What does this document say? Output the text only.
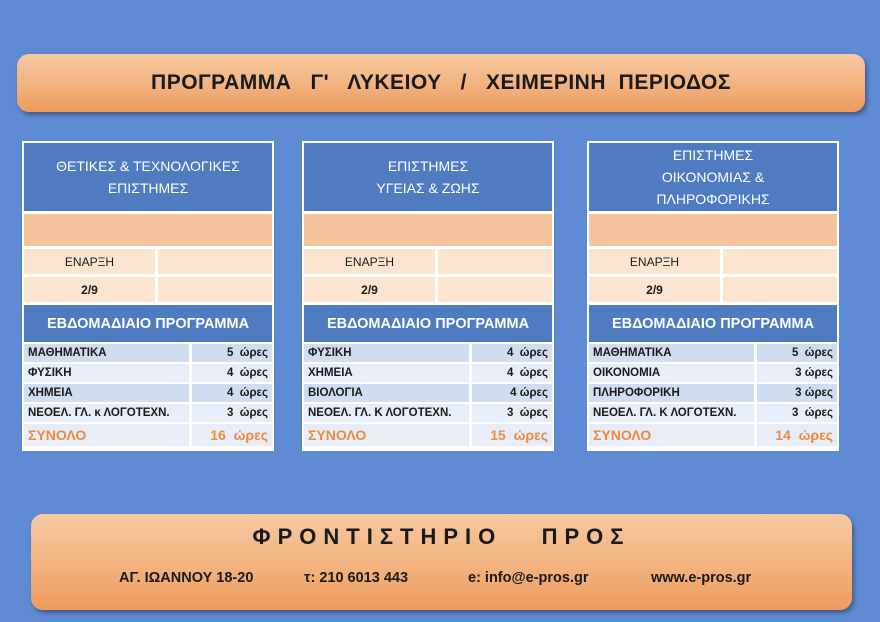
ΠΡΟΓΡΑΜΜΑ   Γ'   ΛΥΚΕΙΟΥ   /   ΧΕΙΜΕΡΙΝΗ  ΠΕΡΙΟΔΟΣ
ΘΕΤΙΚΕΣ & ΤΕΧΝΟΛΟΓΙΚΕΣ
ΕΠΙΣΤΗΜΕΣ
ΕΝΑΡΞΗ
2/9
ΕΒΔΟΜΑΔΙΑΙΟ ΠΡΟΓΡΑΜΜΑ
ΜΑΘΗΜΑΤΙΚΑ	5  ώρες
ΦΥΣΙΚΗ	4  ώρες
ΧΗΜΕΙΑ	4  ώρες
ΝΕΟΕΛ. ΓΛ. κ ΛΟΓΟΤΕΧΝ.	3  ώρες
ΣΥΝΟΛΟ	16  ώρες
ΕΠΙΣΤΗΜΕΣ
ΥΓΕΙΑΣ & ΖΩΗΣ
ΕΝΑΡΞΗ
2/9
ΕΒΔΟΜΑΔΙΑΙΟ ΠΡΟΓΡΑΜΜΑ
ΦΥΣΙΚΗ	4  ώρες
ΧΗΜΕΙΑ	4  ώρες
ΒΙΟΛΟΓΙΑ	4 ώρες
ΝΕΟΕΛ. ΓΛ. Κ ΛΟΓΟΤΕΧΝ.	3  ώρες
ΣΥΝΟΛΟ	15  ώρες
ΕΠΙΣΤΗΜΕΣ
ΟΙΚΟΝΟΜΙΑΣ &
ΠΛΗΡΟΦΟΡΙΚΗΣ
ΕΝΑΡΞΗ
2/9
ΕΒΔΟΜΑΔΙΑΙΟ ΠΡΟΓΡΑΜΜΑ
ΜΑΘΗΜΑΤΙΚΑ	5  ώρες
ΟΙΚΟΝΟΜΙΑ	3 ώρες
ΠΛΗΡΟΦΟΡΙΚΗ	3 ώρες
ΝΕΟΕΛ. ΓΛ. Κ ΛΟΓΟΤΕΧΝ.	3  ώρες
ΣΥΝΟΛΟ	14  ώρες
ΦΡΟΝΤΙΣΤΗΡΙΟ   ΠΡΟΣ
ΑΓ. ΙΩΑΝΝΟΥ 18-20	τ: 210 6013 443	e: info@e-pros.gr	www.e-pros.gr
